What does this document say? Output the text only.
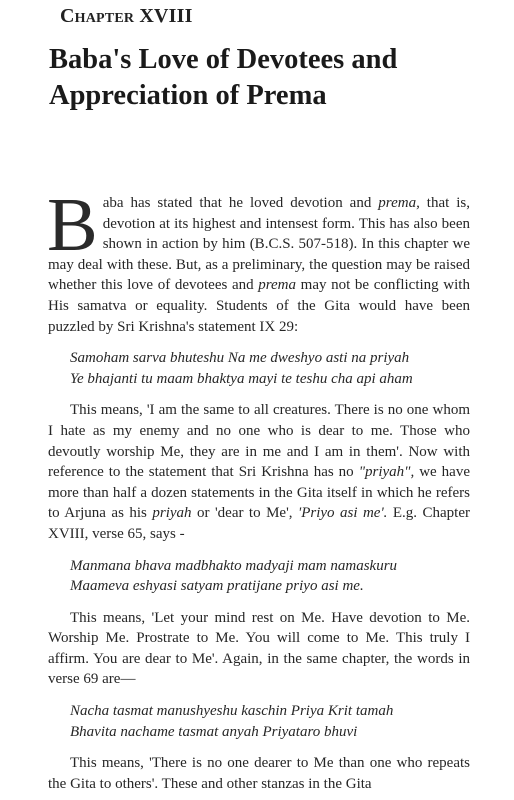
Chapter XVIII
Baba's Love of Devotees and
Appreciation of Prema

Baba has stated that he loved devotion and prema, that is, devotion at its highest and intensest form. This has also been shown in action by him (B.C.S. 507-518). In this chapter we may deal with these. But, as a preliminary, the question may be raised whether this love of devotees and prema may not be conflicting with His samatva or equality. Students of the Gita would have been puzzled by Sri Krishna's statement IX 29:

Samoham sarva bhuteshu Na me dweshyo asti na priyah
Ye bhajanti tu maam bhaktya mayi te teshu cha api aham

This means, 'I am the same to all creatures. There is no one whom I hate as my enemy and no one who is dear to me. Those who devoutly worship Me, they are in me and I am in them'. Now with reference to the statement that Sri Krishna has no "priyah", we have more than half a dozen statements in the Gita itself in which he refers to Arjuna as his priyah or 'dear to Me', 'Priyo asi me'. E.g. Chapter XVIII, verse 65, says -

Manmana bhava madbhakto madyaji mam namaskuru
Maameva eshyasi satyam pratijane priyo asi me.

This means, 'Let your mind rest on Me. Have devotion to Me. Worship Me. Prostrate to Me. You will come to Me. This truly I affirm. You are dear to Me'. Again, in the same chapter, the words in verse 69 are—

Nacha tasmat manushyeshu kaschin Priya Krit tamah
Bhavita nachame tasmat anyah Priyataro bhuvi

This means, 'There is no one dearer to Me than one who repeats the Gita to others'. These and other stanzas in the Gita
